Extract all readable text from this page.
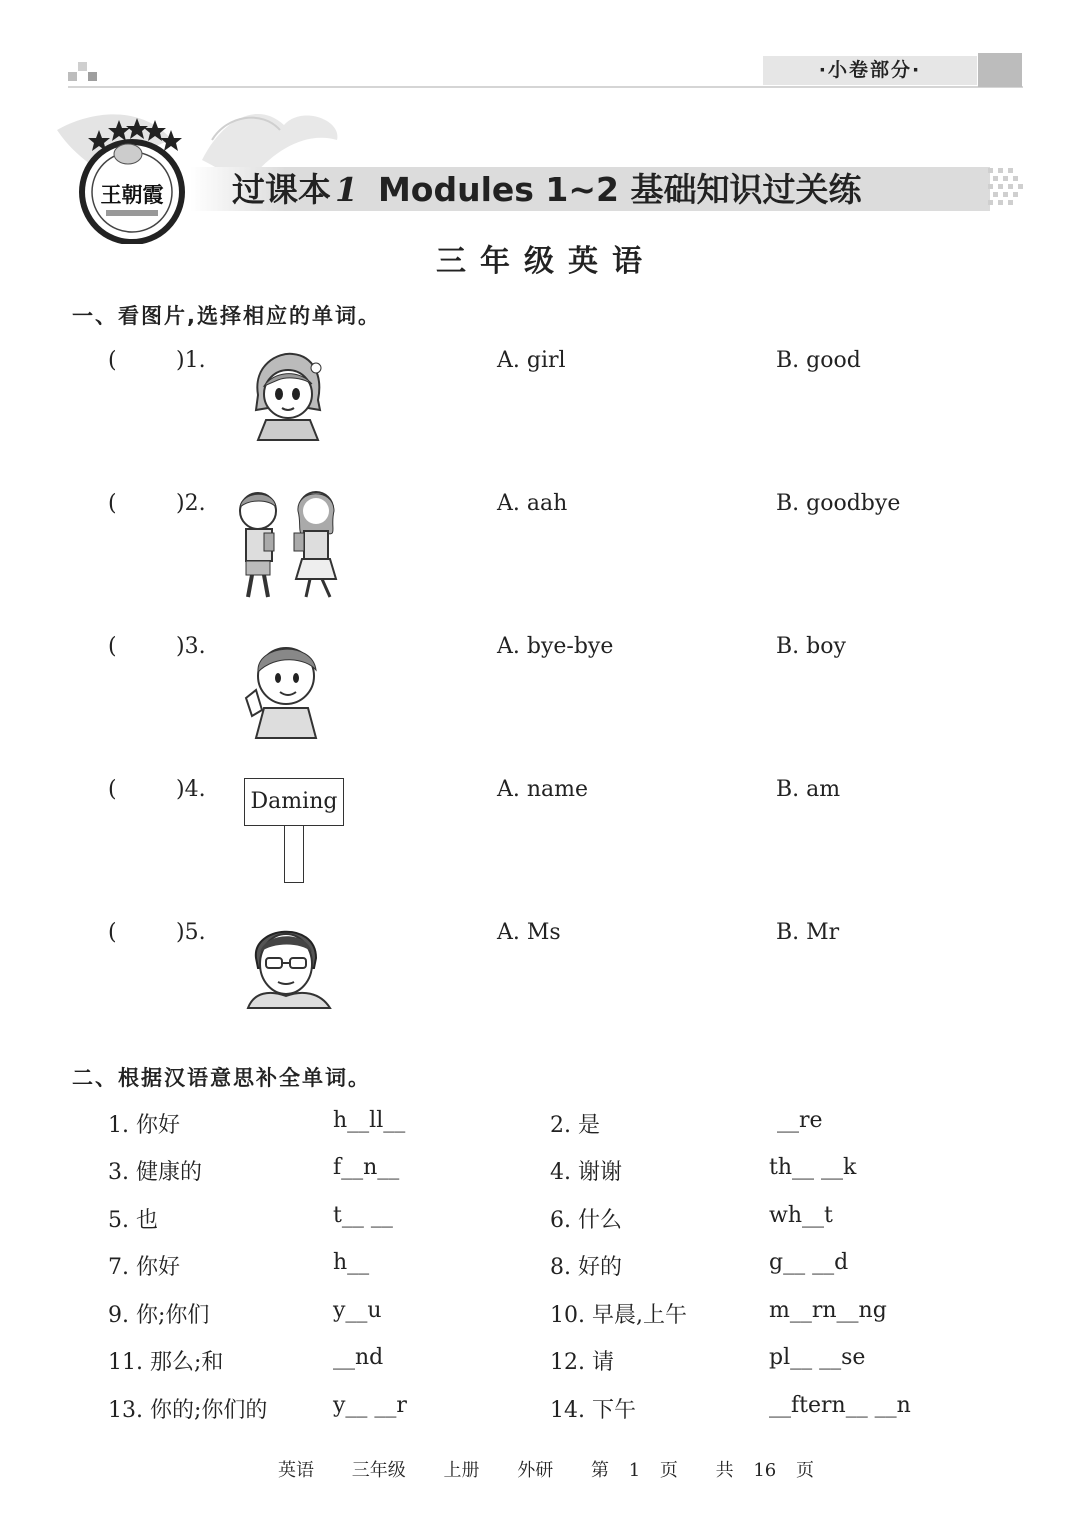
·小卷部分·
王朝霞 过课本 1 Modules 1~2 基础知识过关练
三年级英语
一、看图片,选择相应的单词。
(	)1.	A. girl	B. good
(	)2.	A. aah	B. goodbye
(	)3.	A. bye-bye	B. boy
(	)4.	A. name	B. am
Daming
(	)5.	A. Ms	B. Mr
二、根据汉语意思补全单词。
1. 你好	h__ll__	2. 是	__re
3. 健康的	f__n__	4. 谢谢	th__ __k
5. 也	t__ __	6. 什么	wh__t
7. 你好	h__	8. 好的	g__ __d
9. 你;你们	y__u	10. 早晨,上午	m__rn__ng
11. 那么;和	__nd	12. 请	pl__ __se
13. 你的;你们的	y__ __r	14. 下午	__ftern__ __n
英语 三年级 上册 外研 第 1 页 共 16 页
